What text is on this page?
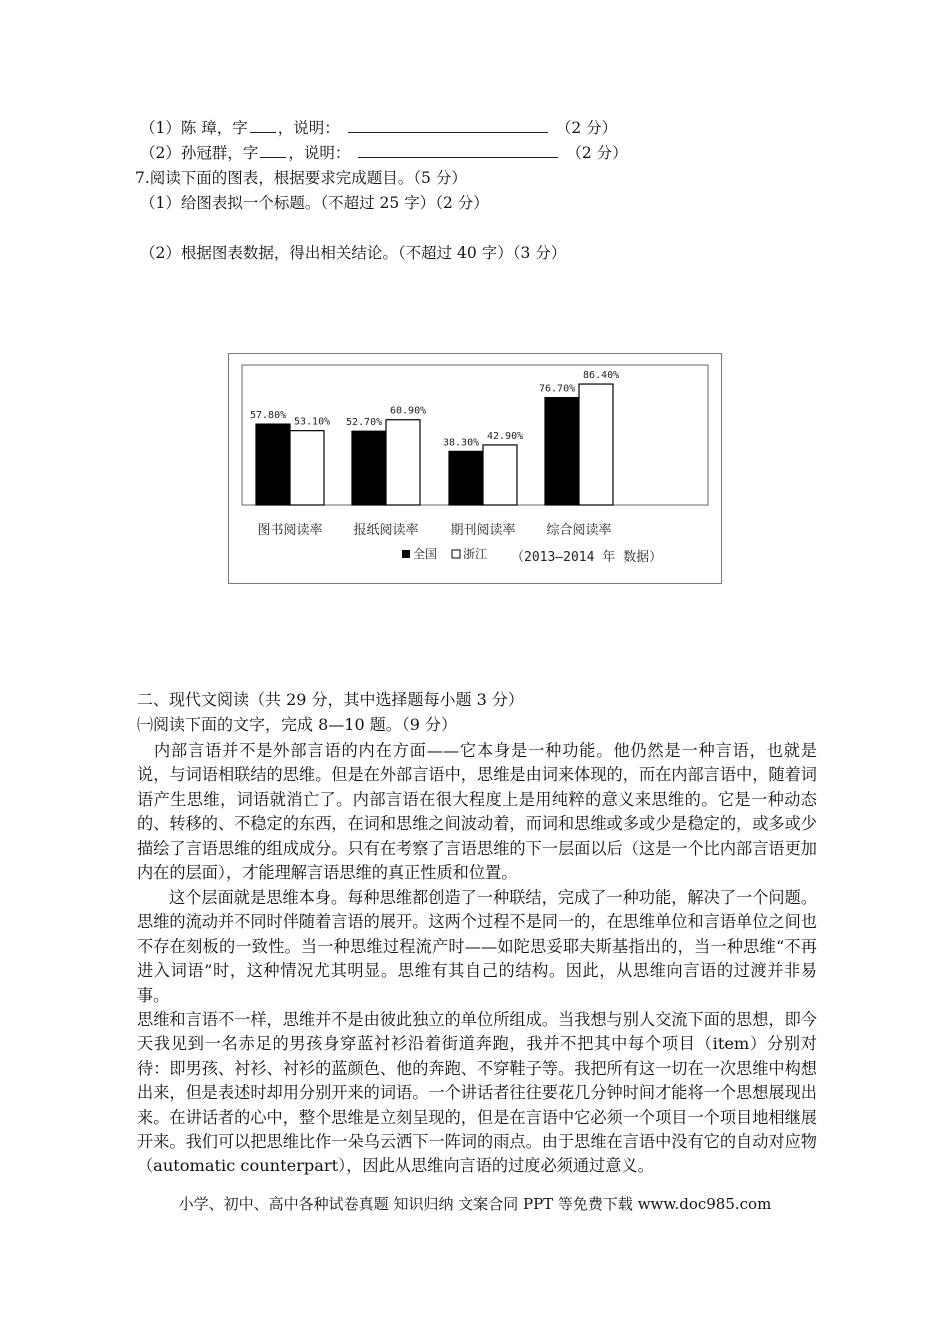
（1）陈 璋，字 ，说明：	（2 分）
（2）孙冠群，字 ，说明：	（2 分）
7.阅读下面的图表，根据要求完成题目。（5 分）
（1）给图表拟一个标题。（不超过 25 字）（2 分）
（2）根据图表数据，得出相关结论。（不超过 40 字）（3 分）
57.80%
53.10%
图书阅读率
52.70%
60.90%
报纸阅读率
38.30%
42.90%
期刊阅读率
76.70%
86.40%
综合阅读率
全国 浙江 （2013—2014 年 数据）
二、现代文阅读（共 29 分，其中选择题每小题 3 分）
㈠阅读下面的文字，完成 8—10 题。（9 分）
内部言语并不是外部言语的内在方面——它本身是一种功能。他仍然是一种言语，也就是说，与词语相联结的思维。但是在外部言语中，思维是由词来体现的，而在内部言语中，随着词语产生思维，词语就消亡了。内部言语在很大程度上是用纯粹的意义来思维的。它是一种动态的、转移的、不稳定的东西，在词和思维之间波动着，而词和思维或多或少是稳定的，或多或少描绘了言语思维的组成成分。只有在考察了言语思维的下一层面以后（这是一个比内部言语更加内在的层面），才能理解言语思维的真正性质和位置。
这个层面就是思维本身。每种思维都创造了一种联结，完成了一种功能，解决了一个问题。思维的流动并不同时伴随着言语的展开。这两个过程不是同一的，在思维单位和言语单位之间也不存在刻板的一致性。当一种思维过程流产时——如陀思妥耶夫斯基指出的，当一种思维“不再进入词语”时，这种情况尤其明显。思维有其自己的结构。因此，从思维向言语的过渡并非易事。
思维和言语不一样，思维并不是由彼此独立的单位所组成。当我想与别人交流下面的思想，即今天我见到一名赤足的男孩身穿蓝衬衫沿着街道奔跑，我并不把其中每个项目（item）分别对待：即男孩、衬衫、衬衫的蓝颜色、他的奔跑、不穿鞋子等。我把所有这一切在一次思维中构想出来，但是表述时却用分别开来的词语。一个讲话者往往要花几分钟时间才能将一个思想展现出来。在讲话者的心中，整个思维是立刻呈现的，但是在言语中它必须一个项目一个项目地相继展开来。我们可以把思维比作一朵乌云洒下一阵词的雨点。由于思维在言语中没有它的自动对应物（automatic counterpart），因此从思维向言语的过度必须通过意义。
小学、初中、高中各种试卷真题 知识归纳 文案合同 PPT 等免费下载 www.doc985.com
